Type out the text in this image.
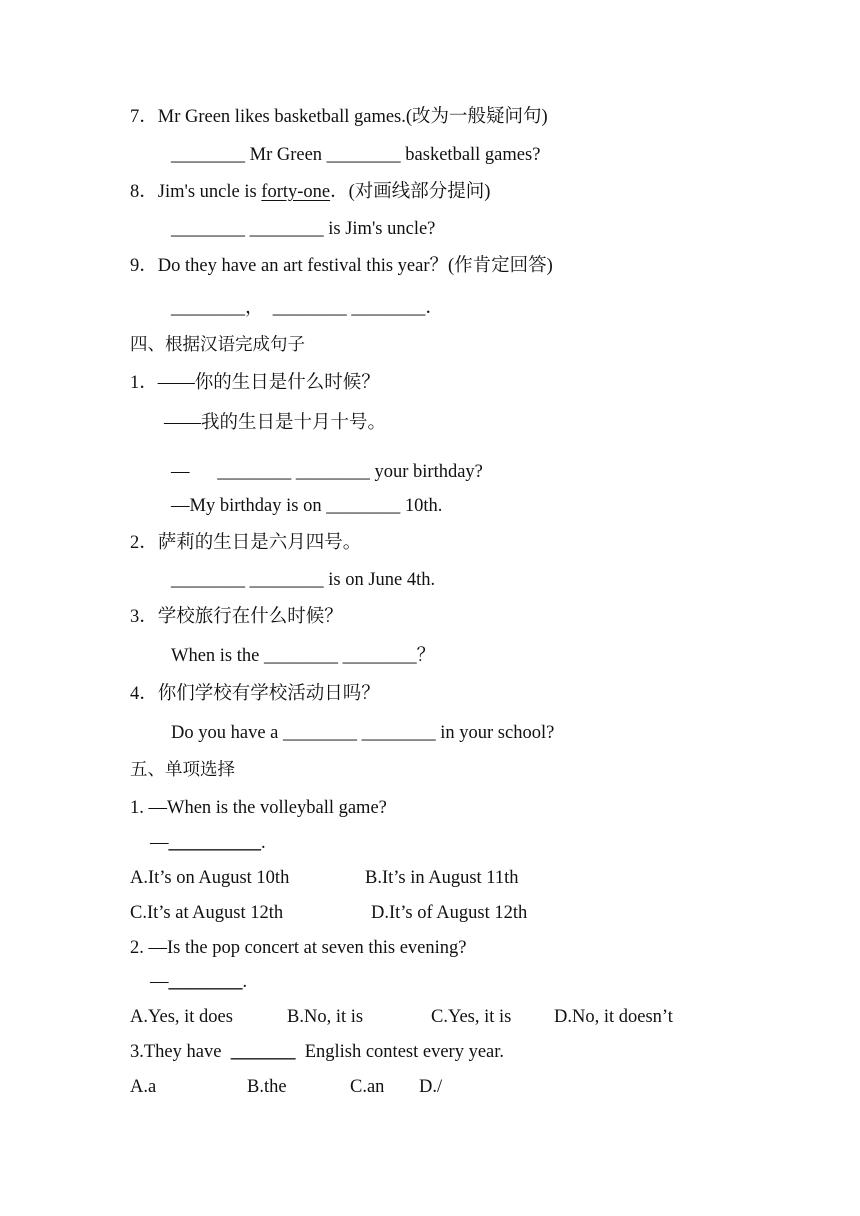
7．Mr Green likes basketball games.(改为一般疑问句)
________ Mr Green ________ basketball games?
8．Jim's uncle is forty-one．(对画线部分提问)
________ ________ is Jim's uncle?
9．Do they have an art festival this year？(作肯定回答)
________，  ________ ________．
四、根据汉语完成句子
1．——你的生日是什么时候？
——我的生日是十月十号。
—      ________ ________ your birthday?
—My birthday is on ________ 10th.
2．萨莉的生日是六月四号。
________ ________ is on June 4th.
3．学校旅行在什么时候？
When is the ________ ________？
4．你们学校有学校活动日吗？
Do you have a ________ ________ in your school?
五、单项选择
1. —When is the volleyball game?
—__________.
A.It’s on August 10th	B.It’s in August 11th
C.It’s at August 12th	D.It’s of August 12th
2. —Is the pop concert at seven this evening?
—________.
A.Yes, it does	B.No, it is	C.Yes, it is D.No, it doesn’t
3.They have  _______  English contest every year.
A.a	B.the	C.an D./
